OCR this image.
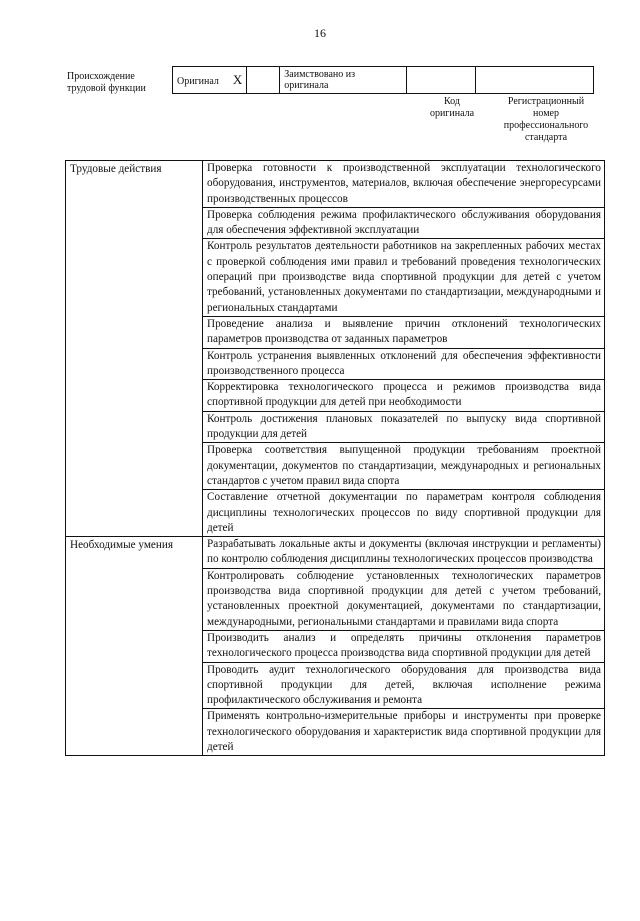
16
Происхождение
трудовой функции
Оригинал X		Заимствовано из
оригинала

Код
оригинала
Регистрационный
номер
профессионального
стандарта
Трудовые действия	Проверка готовности к производственной эксплуатации технологического оборудования, инструментов, материалов, включая обеспечение энергоресурсами производственных процессов
	Проверка соблюдения режима профилактического обслуживания оборудования для обеспечения эффективной эксплуатации
	Контроль результатов деятельности работников на закрепленных рабочих местах с проверкой соблюдения ими правил и требований проведения технологических операций при производстве вида спортивной продукции для детей с учетом требований, установленных документами по стандартизации, международными и региональных стандартами
	Проведение анализа и выявление причин отклонений технологических параметров производства от заданных параметров
	Контроль устранения выявленных отклонений для обеспечения эффективности производственного процесса
	Корректировка технологического процесса и режимов производства вида спортивной продукции для детей при необходимости
	Контроль достижения плановых показателей по выпуску вида спортивной продукции для детей
	Проверка соответствия выпущенной продукции требованиям проектной документации, документов по стандартизации, международных и региональных стандартов с учетом правил вида спорта
	Составление отчетной документации по параметрам контроля соблюдения дисциплины технологических процессов по виду спортивной продукции для детей
Необходимые умения	Разрабатывать локальные акты и документы (включая инструкции и регламенты) по контролю соблюдения дисциплины технологических процессов производства
	Контролировать соблюдение установленных технологических параметров производства вида спортивной продукции для детей с учетом требований, установленных проектной документацией, документами по стандартизации, международными, региональными стандартами и правилами вида спорта
	Производить анализ и определять причины отклонения параметров технологического процесса производства вида спортивной продукции для детей
	Проводить аудит технологического оборудования для производства вида спортивной продукции для детей, включая исполнение режима профилактического обслуживания и ремонта
	Применять контрольно-измерительные приборы и инструменты при проверке технологического оборудования и характеристик вида спортивной продукции для детей
